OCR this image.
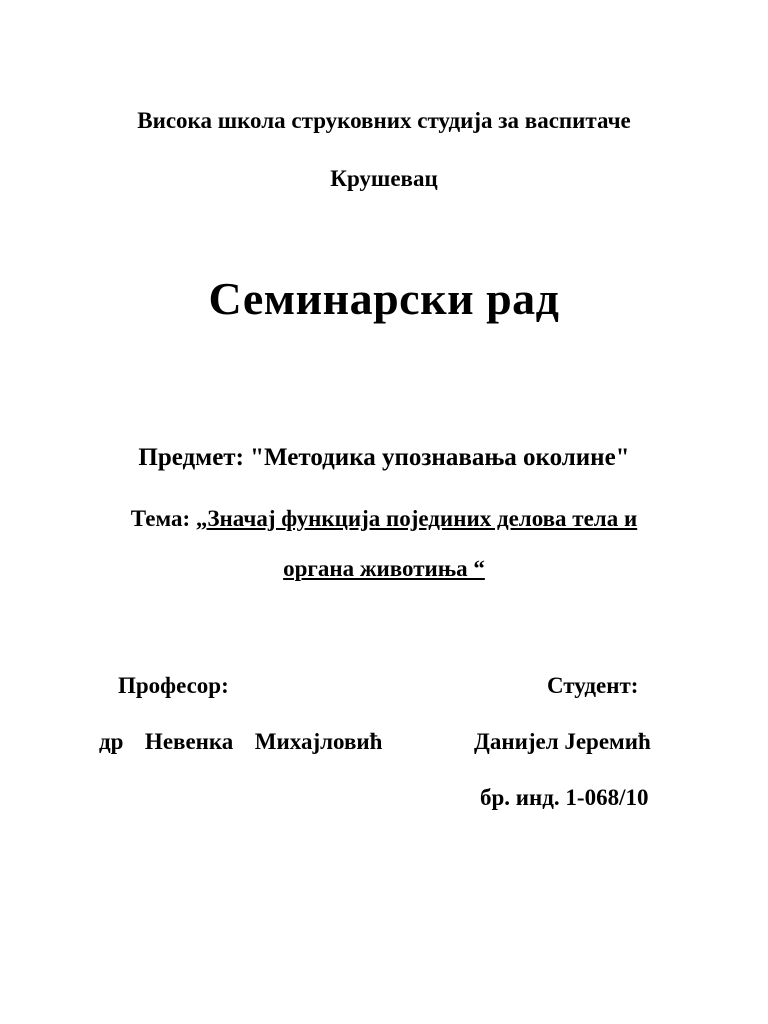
Висока школа струковних студија за васпитаче
Крушевац
Семинарски рад
Предмет: "Методика упознавања околине"
Тема: „Значај функција појединих делова тела и
органа животиња “
Професор:	Студент:
др  Невенка  Михајловић	Данијел Јеремић
бр. инд. 1-068/10
